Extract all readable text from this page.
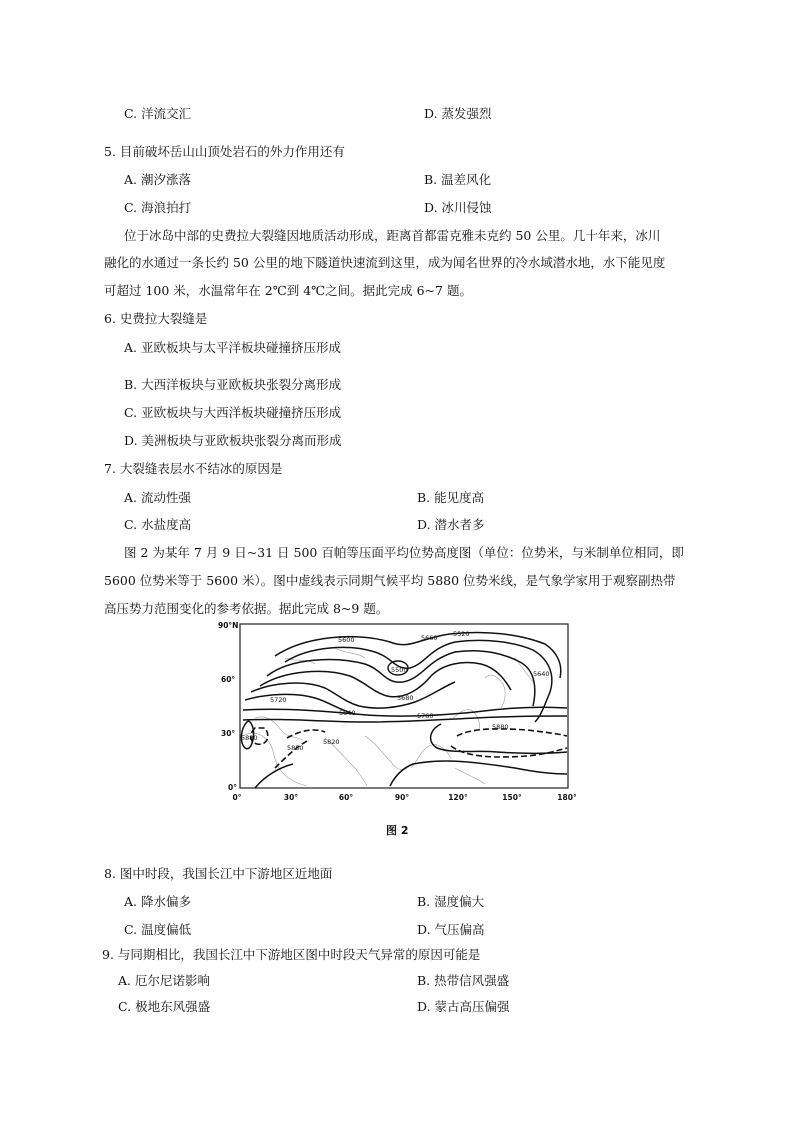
C. 洋流交汇	D. 蒸发强烈
5. 目前破坏岳山山顶处岩石的外力作用还有
A. 潮汐涨落	B. 温差风化
C. 海浪拍打	D. 冰川侵蚀
位于冰岛中部的史费拉大裂缝因地质活动形成，距离首都雷克雅未克约 50 公里。几十年来，冰川
融化的水通过一条长约 50 公里的地下隧道快速流到这里，成为闻名世界的冷水域潜水地，水下能见度
可超过 100 米，水温常年在 2℃到 4℃之间。据此完成 6~7 题。
6. 史费拉大裂缝是
A. 亚欧板块与太平洋板块碰撞挤压形成
B. 大西洋板块与亚欧板块张裂分离形成
C. 亚欧板块与大西洋板块碰撞挤压形成
D. 美洲板块与亚欧板块张裂分离而形成
7. 大裂缝表层水不结冰的原因是
A. 流动性强	B. 能见度高
C. 水盐度高	D. 潜水者多
图 2 为某年 7 月 9 日~31 日 500 百帕等压面平均位势高度图（单位：位势米，与米制单位相同，即
5600 位势米等于 5600 米）。图中虚线表示同期气候平均 5880 位势米线，是气象学家用于观察副热带
高压势力范围变化的参考依据。据此完成 8~9 题。
5600	5660 5520
5500	5640
5720	5680
5760
5840
5880
5880
5880
5820
90°N
60°
30°
0°
0°	30°	60°	90°	120°	150°	180°
图 2
8. 图中时段，我国长江中下游地区近地面
A. 降水偏多	B. 湿度偏大
C. 温度偏低	D. 气压偏高
9. 与同期相比，我国长江中下游地区图中时段天气异常的原因可能是
A. 厄尔尼诺影响	B. 热带信风强盛
C. 极地东风强盛	D. 蒙古高压偏强
